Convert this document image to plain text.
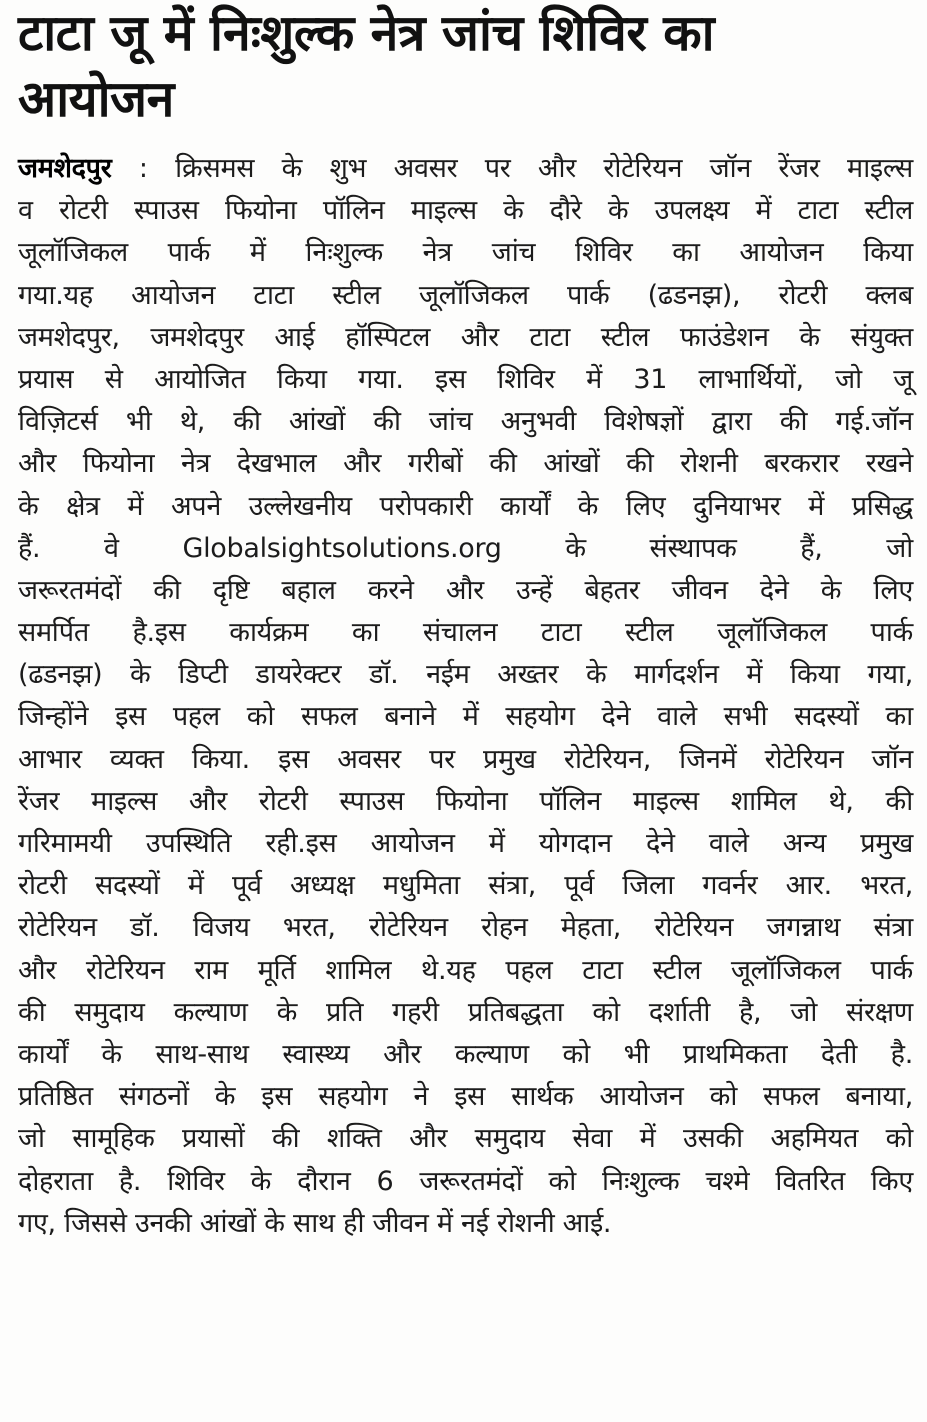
टाटा जू में निःशुल्क नेत्र जांच शिविर का
आयोजन
जमशेदपुर : क्रिसमस के शुभ अवसर पर और रोटेरियन जॉन रेंजर माइल्स
व रोटरी स्पाउस फियोना पॉलिन माइल्स के दौरे के उपलक्ष्य में टाटा स्टील
जूलॉजिकल पार्क में निःशुल्क नेत्र जांच शिविर का आयोजन किया
गया.यह आयोजन टाटा स्टील जूलॉजिकल पार्क (ढडनझ), रोटरी क्लब
जमशेदपुर, जमशेदपुर आई हॉस्पिटल और टाटा स्टील फाउंडेशन के संयुक्त
प्रयास से आयोजित किया गया. इस शिविर में 31 लाभार्थियों, जो जू
विज़िटर्स भी थे, की आंखों की जांच अनुभवी विशेषज्ञों द्वारा की गई.जॉन
और फियोना नेत्र देखभाल और गरीबों की आंखों की रोशनी बरकरार रखने
के क्षेत्र में अपने उल्लेखनीय परोपकारी कार्यों के लिए दुनियाभर में प्रसिद्ध
हैं. वे Globalsightsolutions.org के संस्थापक हैं, जो
जरूरतमंदों की दृष्टि बहाल करने और उन्हें बेहतर जीवन देने के लिए
समर्पित है.इस कार्यक्रम का संचालन टाटा स्टील जूलॉजिकल पार्क
(ढडनझ) के डिप्टी डायरेक्टर डॉ. नईम अख्तर के मार्गदर्शन में किया गया,
जिन्होंने इस पहल को सफल बनाने में सहयोग देने वाले सभी सदस्यों का
आभार व्यक्त किया. इस अवसर पर प्रमुख रोटेरियन, जिनमें रोटेरियन जॉन
रेंजर माइल्स और रोटरी स्पाउस फियोना पॉलिन माइल्स शामिल थे, की
गरिमामयी उपस्थिति रही.इस आयोजन में योगदान देने वाले अन्य प्रमुख
रोटरी सदस्यों में पूर्व अध्यक्ष मधुमिता संत्रा, पूर्व जिला गवर्नर आर. भरत,
रोटेरियन डॉ. विजय भरत, रोटेरियन रोहन मेहता, रोटेरियन जगन्नाथ संत्रा
और रोटेरियन राम मूर्ति शामिल थे.यह पहल टाटा स्टील जूलॉजिकल पार्क
की समुदाय कल्याण के प्रति गहरी प्रतिबद्धता को दर्शाती है, जो संरक्षण
कार्यों के साथ-साथ स्वास्थ्य और कल्याण को भी प्राथमिकता देती है.
प्रतिष्ठित संगठनों के इस सहयोग ने इस सार्थक आयोजन को सफल बनाया,
जो सामूहिक प्रयासों की शक्ति और समुदाय सेवा में उसकी अहमियत को
दोहराता है. शिविर के दौरान 6 जरूरतमंदों को निःशुल्क चश्मे वितरित किए
गए, जिससे उनकी आंखों के साथ ही जीवन में नई रोशनी आई.
